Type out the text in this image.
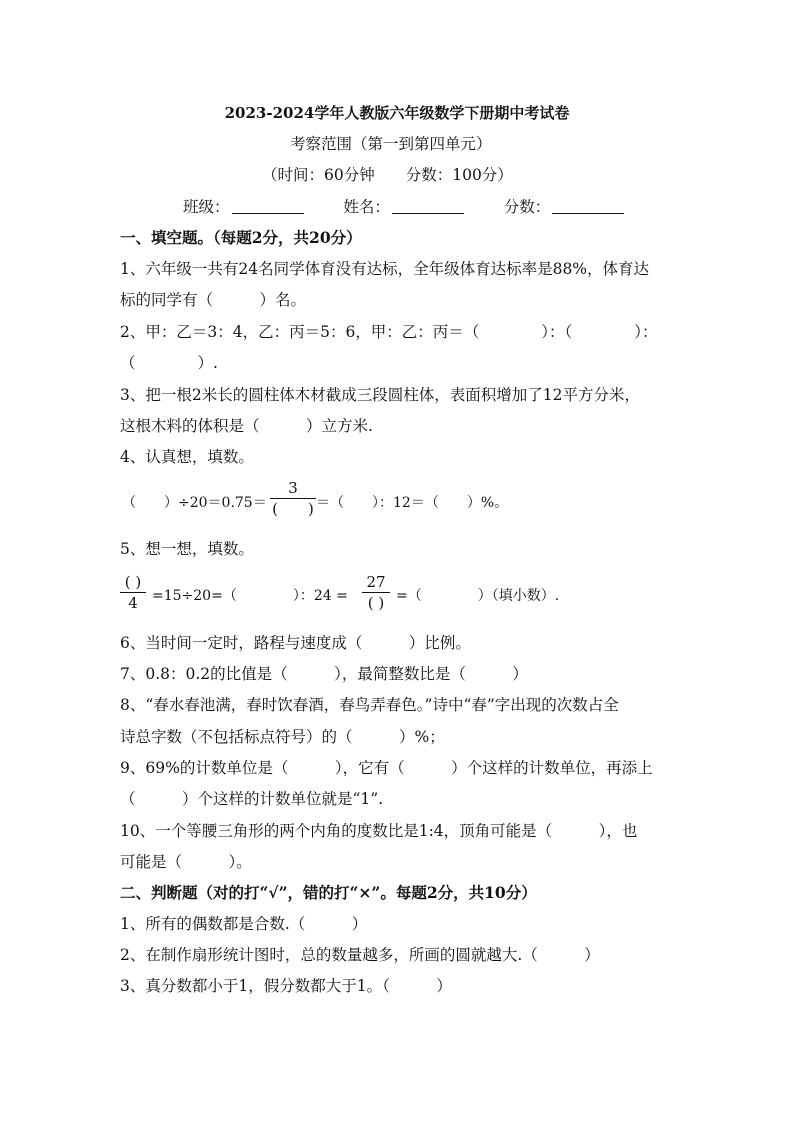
2023-2024学年人教版六年级数学下册期中考试卷
考察范围（第一到第四单元）
（时间：60分钟　　分数：100分）
班级：	姓名：	分数：
一、填空题。（每题2分，共20分）
1、六年级一共有24名同学体育没有达标，全年级体育达标率是88%，体育达
标的同学有（　　　）名。
2、甲：乙＝3：4，乙：丙＝5：6，甲：乙：丙＝（　　　　）：（　　　　）：
（　　　　）.
3、把一根2米长的圆柱体木材截成三段圆柱体，表面积增加了12平方分米，
这根木料的体积是（　　　）立方米.
4、认真想，填数。
（　　）÷20＝0.75＝
3
(　　) ＝（　　）：12＝（　　）%。
5、想一想，填数。
( )
4	=15÷20=（　　　　）：24 =
27
( ) =（　　　　）（填小数）.
6、当时间一定时，路程与速度成（　　　）比例。
7、0.8：0.2的比值是（　　　），最简整数比是（　　　）
8、“春水春池满，春时饮春酒，春鸟弄春色。”诗中“春”字出现的次数占全
诗总字数（不包括标点符号）的（　　　）%；
9、69%的计数单位是（　　　），它有（　　　）个这样的计数单位，再添上
（　　　）个这样的计数单位就是“1”.
10、一个等腰三角形的两个内角的度数比是1:4，顶角可能是（　　　），也
可能是（　　　）。
二、判断题（对的打“√”，错的打“×”。每题2分，共10分）
1、所有的偶数都是合数.（　　　）
2、在制作扇形统计图时，总的数量越多，所画的圆就越大.（　　　）
3、真分数都小于1，假分数都大于1。（　　　）
